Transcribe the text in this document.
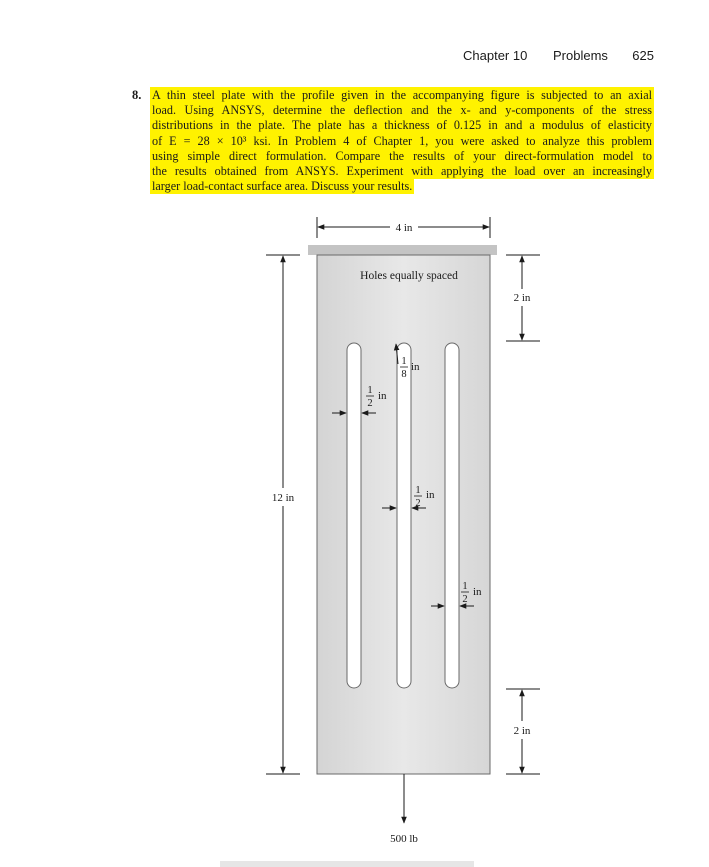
Chapter 10 Problems 625
8. A thin steel plate with the profile given in the accompanying figure is subjected to an axial
load. Using ANSYS, determine the deflection and the x- and y-components of the stress
distributions in the plate. The plate has a thickness of 0.125 in and a modulus of elasticity
of E = 28 × 10³ ksi. In Problem 4 of Chapter 1, you were asked to analyze this problem
using simple direct formulation. Compare the results of your direct-formulation model to
the results obtained from ANSYS. Experiment with applying the load over an increasingly
larger load-contact surface area. Discuss your results.
4 in
Holes equally spaced
1
8
in
1
2
in
1
2
in
1
2
in
12 in
2 in
2 in
500 lb
